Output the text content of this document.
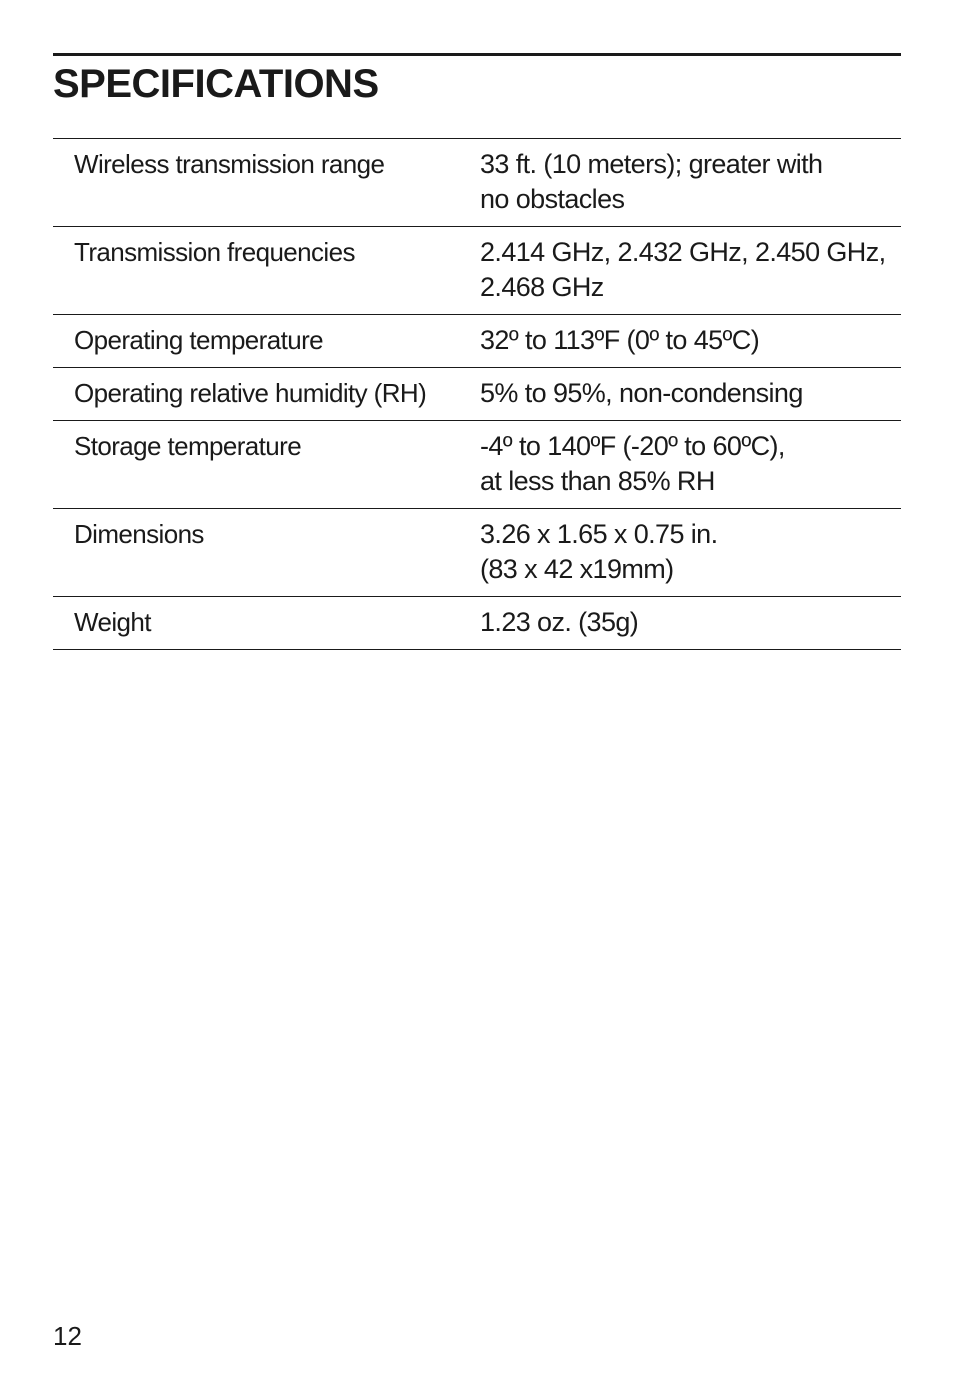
SPECIFICATIONS
Wireless transmission range	33 ft. (10 meters); greater with
no obstacles
Transmission frequencies	2.414 GHz, 2.432 GHz, 2.450 GHz,
2.468 GHz
Operating temperature	32º to 113ºF (0º to 45ºC)
Operating relative humidity (RH)	5% to 95%, non-condensing
Storage temperature	-4º to 140ºF (-20º to 60ºC),
at less than 85% RH
Dimensions	3.26 x 1.65 x 0.75 in.
(83 x 42 x19mm)
Weight	1.23 oz. (35g)
12
